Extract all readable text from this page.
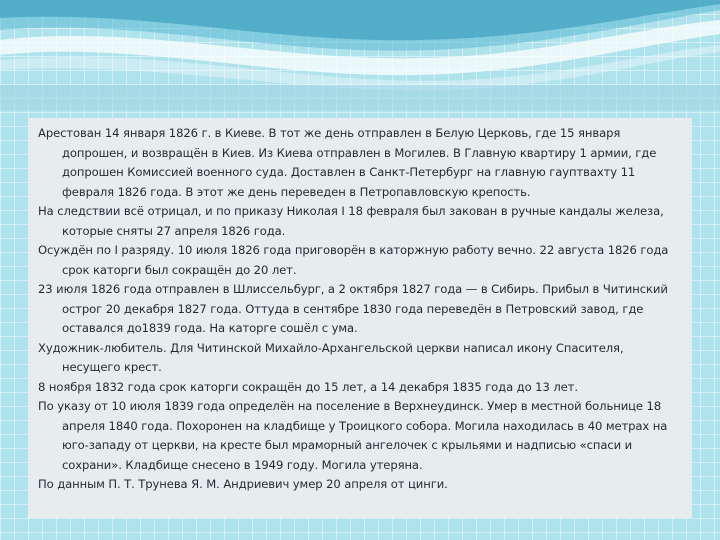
Арестован 14 января 1826 г. в Киеве. В тот же день отправлен в Белую Церковь, где 15 января допрошен, и возвращён в Киев. Из Киева отправлен в Могилев. В Главную квартиру 1 армии, где допрошен Комиссией военного суда. Доставлен в Санкт-Петербург на главную гауптвахту 11 февраля 1826 года. В этот же день переведен в Петропавловскую крепость.

На следствии всё отрицал, и по приказу Николая I 18 февраля был закован в ручные кандалы железа, которые сняты 27 апреля 1826 года.

Осуждён по I разряду. 10 июля 1826 года приговорён в каторжную работу вечно. 22 августа 1826 года срок каторги был сокращён до 20 лет.

23 июля 1826 года отправлен в Шлиссельбург, а 2 октября 1827 года — в Сибирь. Прибыл в Читинский острог 20 декабря 1827 года. Оттуда в сентябре 1830 года переведён в Петровский завод, где оставался до1839 года. На каторге сошёл с ума.

Художник-любитель. Для Читинской Михайло-Архангельской церкви написал икону Спасителя, несущего крест.

8 ноября 1832 года срок каторги сокращён до 15 лет, а 14 декабря 1835 года до 13 лет.

По указу от 10 июля 1839 года определён на поселение в Верхнеудинск. Умер в местной больнице 18 апреля 1840 года. Похоронен на кладбище у Троицкого собора. Могила находилась в 40 метрах на юго-западу от церкви, на кресте был мраморный ангелочек с крыльями и надписью «спаси и сохрани». Кладбище снесено в 1949 году. Могила утеряна.

По данным П. Т. Трунева Я. М. Андриевич умер 20 апреля от цинги.
